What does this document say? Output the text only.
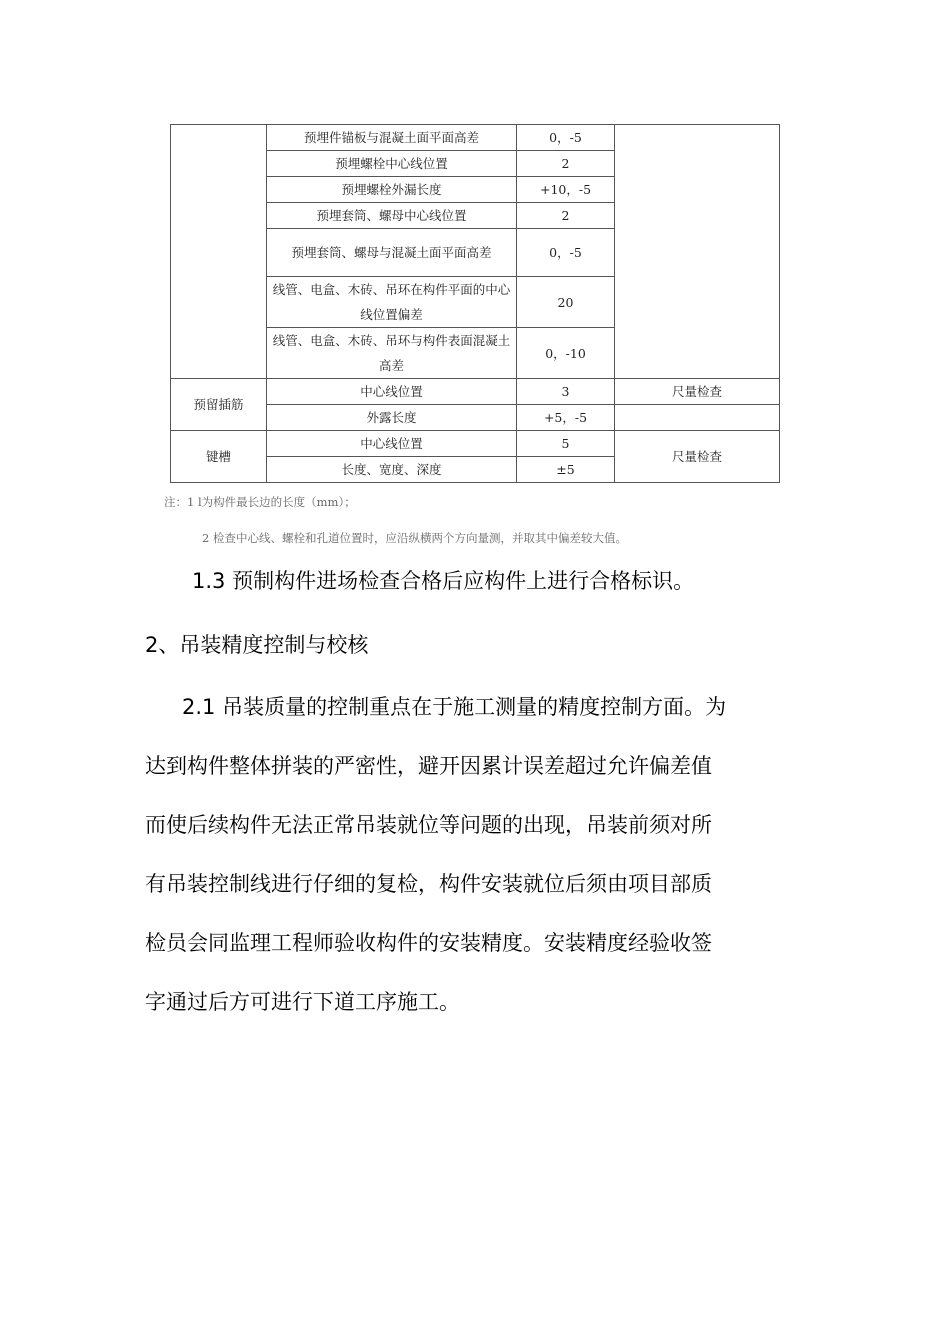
	预埋件锚板与混凝土面平面高差	0，-5	
	预埋螺栓中心线位置	2	
	预埋螺栓外漏长度	+10，-5	
	预埋套筒、螺母中心线位置	2	
	预埋套筒、螺母与混凝土面平面高差	0，-5	
	线管、电盒、木砖、吊环在构件平面的中心线位置偏差	20	
	线管、电盒、木砖、吊环与构件表面混凝土高差	0，-10	
预留插筋	中心线位置	3	尺量检查
	外露长度	+5，-5	
键槽	中心线位置	5	尺量检查
	长度、宽度、深度	±5	
注：1 l为构件最长边的长度（mm）；
2 检查中心线、螺栓和孔道位置时，应沿纵横两个方向量测，并取其中偏差较大值。
1.3 预制构件进场检查合格后应构件上进行合格标识。
2、吊装精度控制与校核
2.1 吊装质量的控制重点在于施工测量的精度控制方面。为
达到构件整体拼装的严密性，避开因累计误差超过允许偏差值
而使后续构件无法正常吊装就位等问题的出现，吊装前须对所
有吊装控制线进行仔细的复检，构件安装就位后须由项目部质
检员会同监理工程师验收构件的安装精度。安装精度经验收签
字通过后方可进行下道工序施工。
